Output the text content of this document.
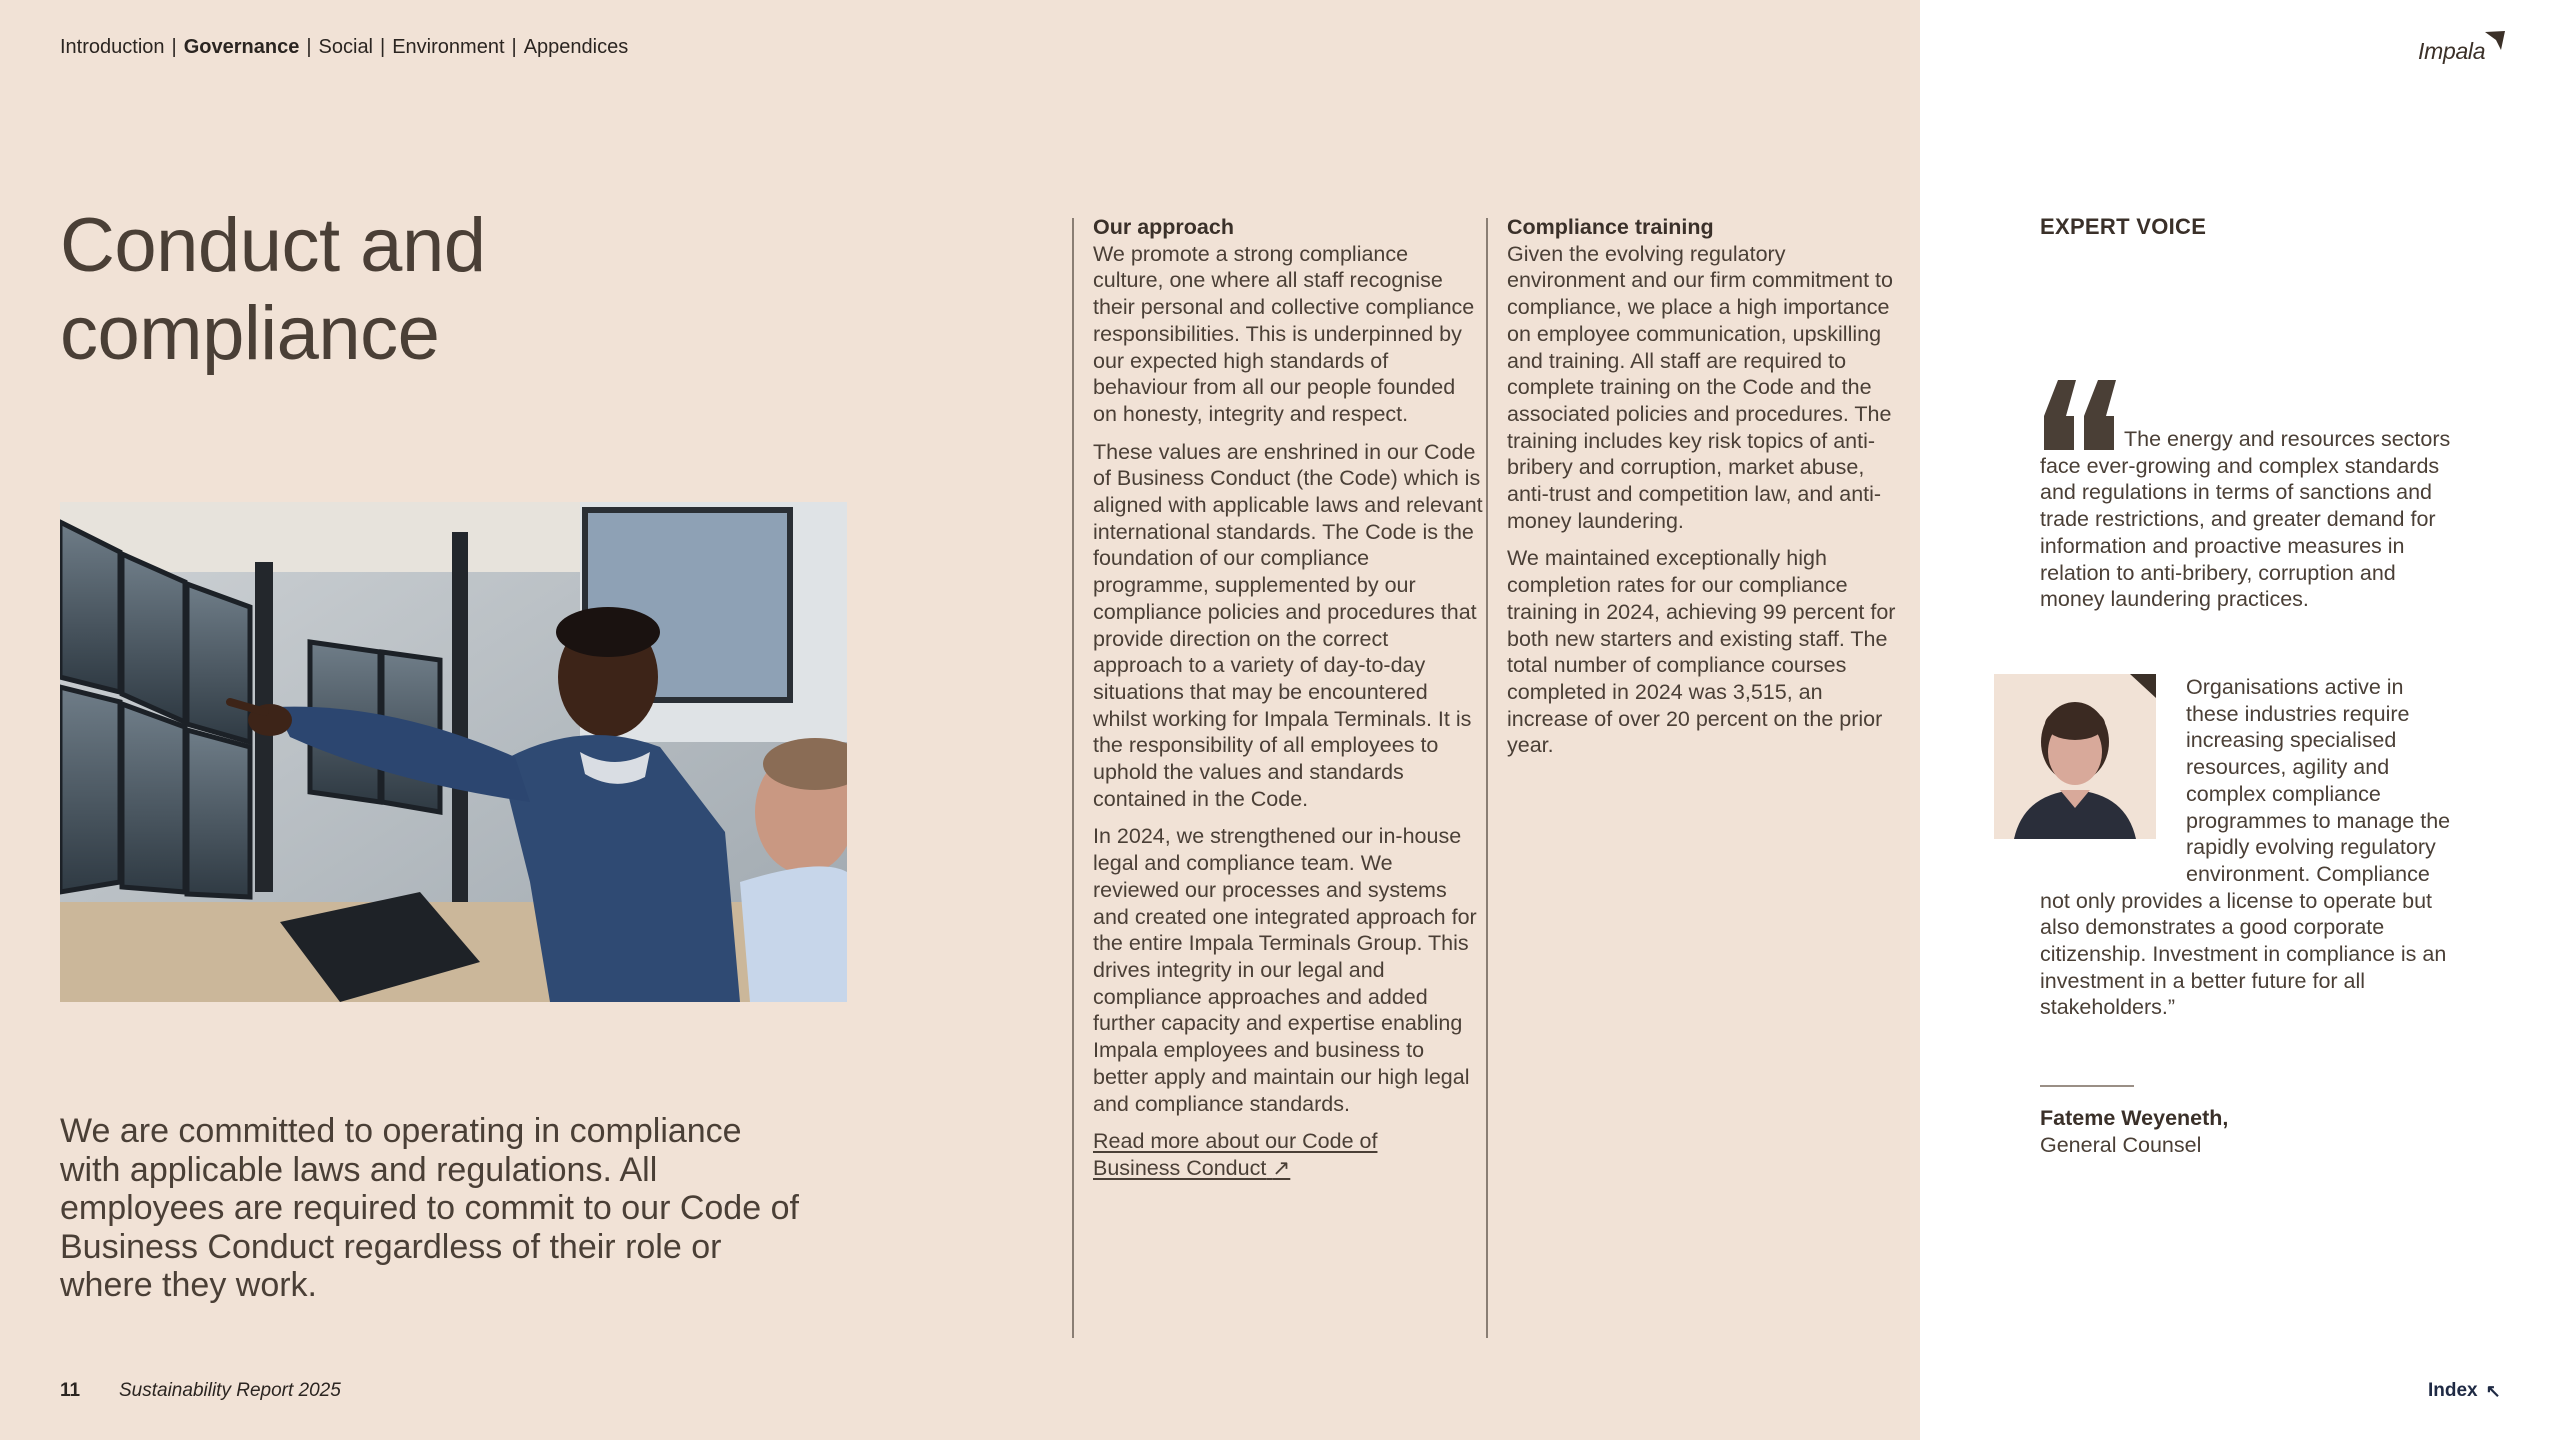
Introduction | Governance | Social | Environment | Appendices	Impala
Conduct and
compliance

We are committed to operating in compliance with applicable laws and regulations. All employees are required to commit to our Code of Business Conduct regardless of their role or where they work.

Our approach

We promote a strong compliance culture, one where all staff recognise their personal and collective compliance responsibilities. This is underpinned by our expected high standards of behaviour from all our people founded on honesty, integrity and respect.

These values are enshrined in our Code of Business Conduct (the Code) which is aligned with applicable laws and relevant international standards. The Code is the foundation of our compliance programme, supplemented by our compliance policies and procedures that provide direction on the correct approach to a variety of day-to-day situations that may be encountered whilst working for Impala Terminals. It is the responsibility of all employees to uphold the values and standards contained in the Code.

In 2024, we strengthened our in-house legal and compliance team. We reviewed our processes and systems and created one integrated approach for the entire Impala Terminals Group. This drives integrity in our legal and compliance approaches and added further capacity and expertise enabling Impala employees and business to better apply and maintain our high legal and compliance standards.

Read more about our Code of
Business Conduct ↗
Compliance training

Given the evolving regulatory environment and our firm commitment to compliance, we place a high importance on employee communication, upskilling and training. All staff are required to complete training on the Code and the associated policies and procedures. The training includes key risk topics of anti-bribery and corruption, market abuse, anti-trust and competition law, and anti-money laundering.

We maintained exceptionally high completion rates for our compliance training in 2024, achieving 99 percent for both new starters and existing staff. The total number of compliance courses completed in 2024 was 3,515, an increase of over 20 percent on the prior year.

EXPERT VOICE
The energy and resources sectors face ever-growing and complex standards and regulations in terms of sanctions and trade restrictions, and greater demand for information and proactive measures in relation to anti-bribery, corruption and money laundering practices.
Organisations active in these industries require increasing specialised resources, agility and complex compliance programmes to manage the rapidly evolving regulatory environment. Compliance not only provides a license to operate but also demonstrates a good corporate citizenship. Investment in compliance is an investment in a better future for all stakeholders.”
Fateme Weyeneth,
General Counsel
11 Sustainability Report 2025	Index ↖
